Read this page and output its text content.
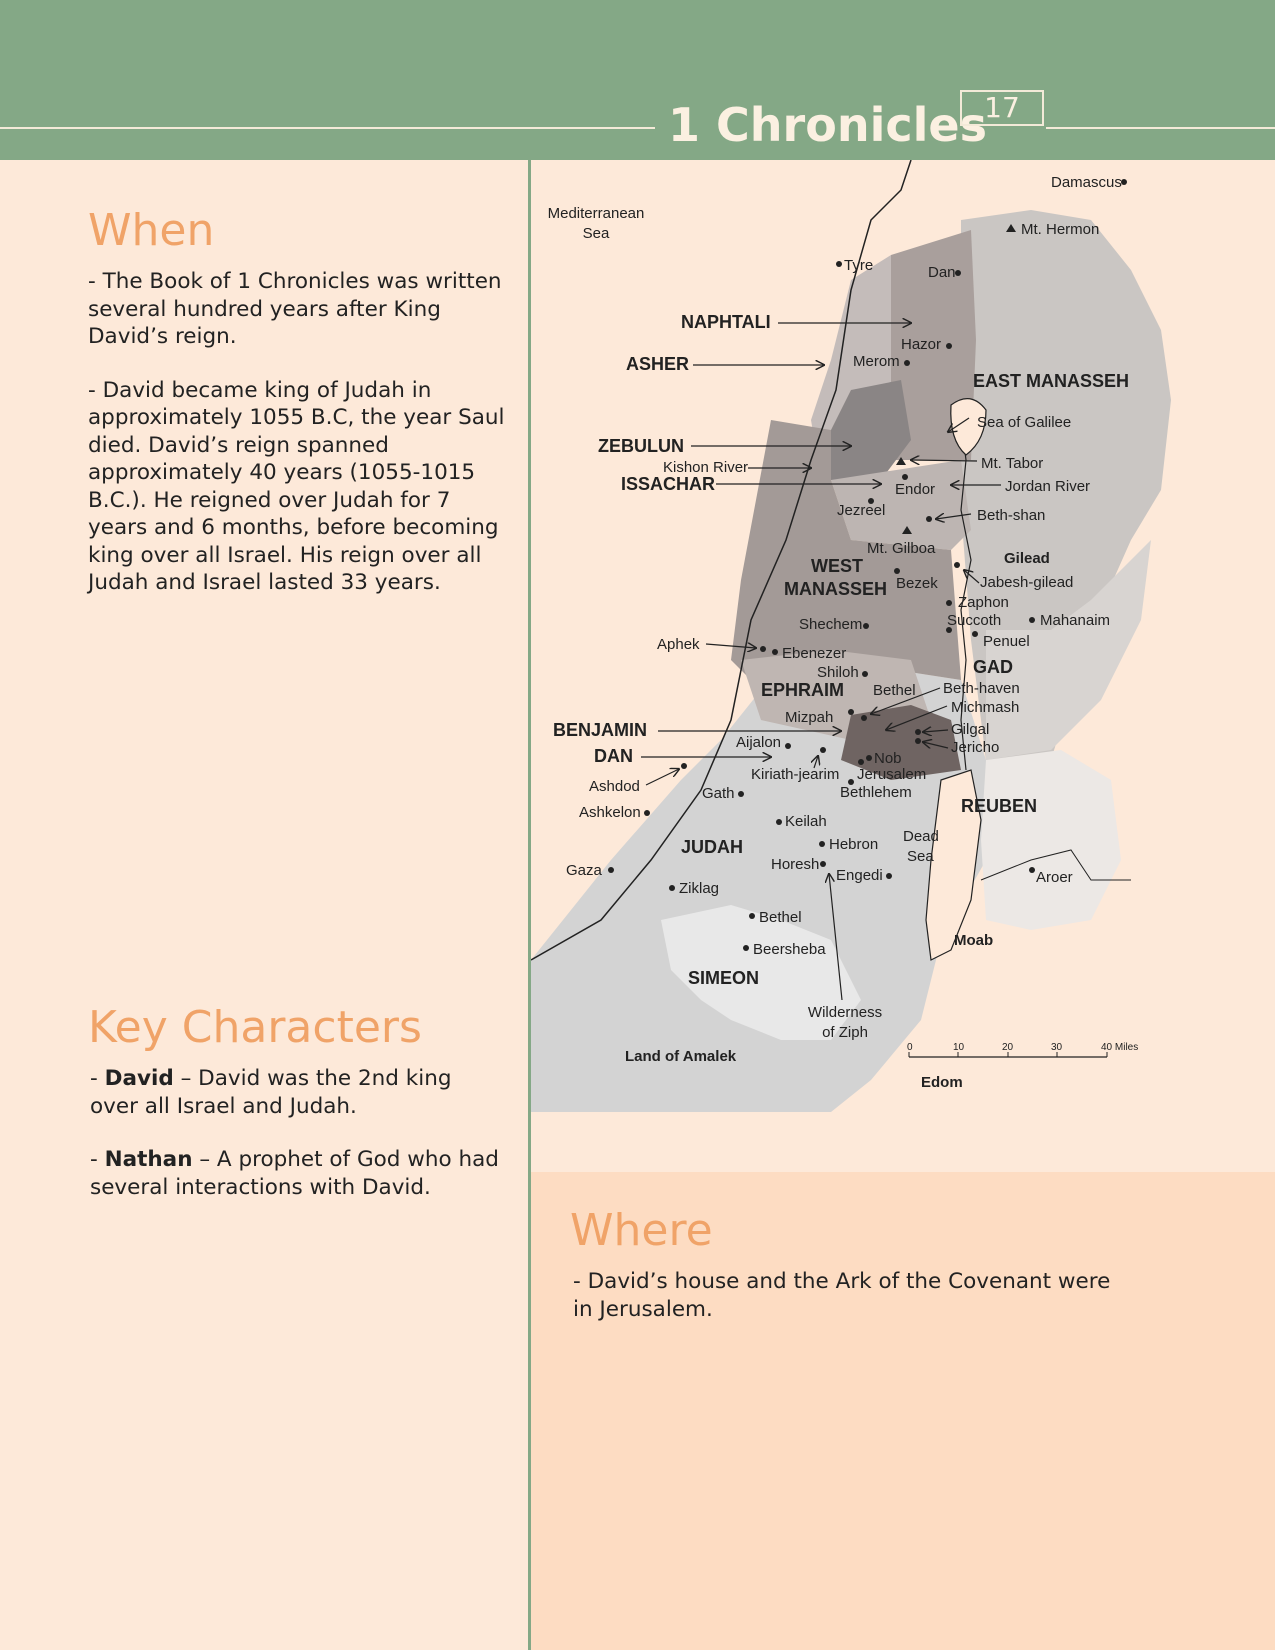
1 Chronicles
17
When

- The Book of 1 Chronicles was written several hundred years after King David’s reign.

- David became king of Judah in approximately 1055 B.C, the year Saul died. David’s reign spanned approximately 40 years (1055-1015 B.C.). He reigned over Judah for 7 years and 6 months, before becoming king over all Israel. His reign over all Judah and Israel lasted 33 years.

Key Characters

- David – David was the 2nd king over all Israel and Judah.

- Nathan – A prophet of God who had several interactions with David.

Where
- David’s house and the Ark of the Covenant were in Jerusalem.
Mediterranean
Sea
NAPHTALI
ASHER
ZEBULUN
ISSACHAR
EAST MANASSEH
WEST
MANASSEH
EPHRAIM
BENJAMIN
DAN
GAD
REUBEN
JUDAH
SIMEON
Gilead
Moab
Edom
Land of Amalek
Damascus
Mt. Hermon
Tyre	Dan
Hazor
Merom
Sea of Galilee
Kishon River	Mt. Tabor
Endor	Jordan River
Jezreel	Beth-shan
Mt. Gilboa
Bezek	Jabesh-gilead
Zaphon
Succoth	Mahanaim
Penuel
Shechem
Aphek
Ebenezer
Shiloh
Bethel Beth-haven
Michmash
Mizpah
Gilgal
Jericho
Aijalon
Nob
Kiriath-jearim Jerusalem
Bethlehem
Ashdod	Gath
Ashkelon
Keilah
Hebron
Horesh
Engedi
Dead
Sea
Gaza
Ziklag
Aroer
Bethel
Beersheba
Wilderness
of Ziph
0	10	20	30	40 Miles
